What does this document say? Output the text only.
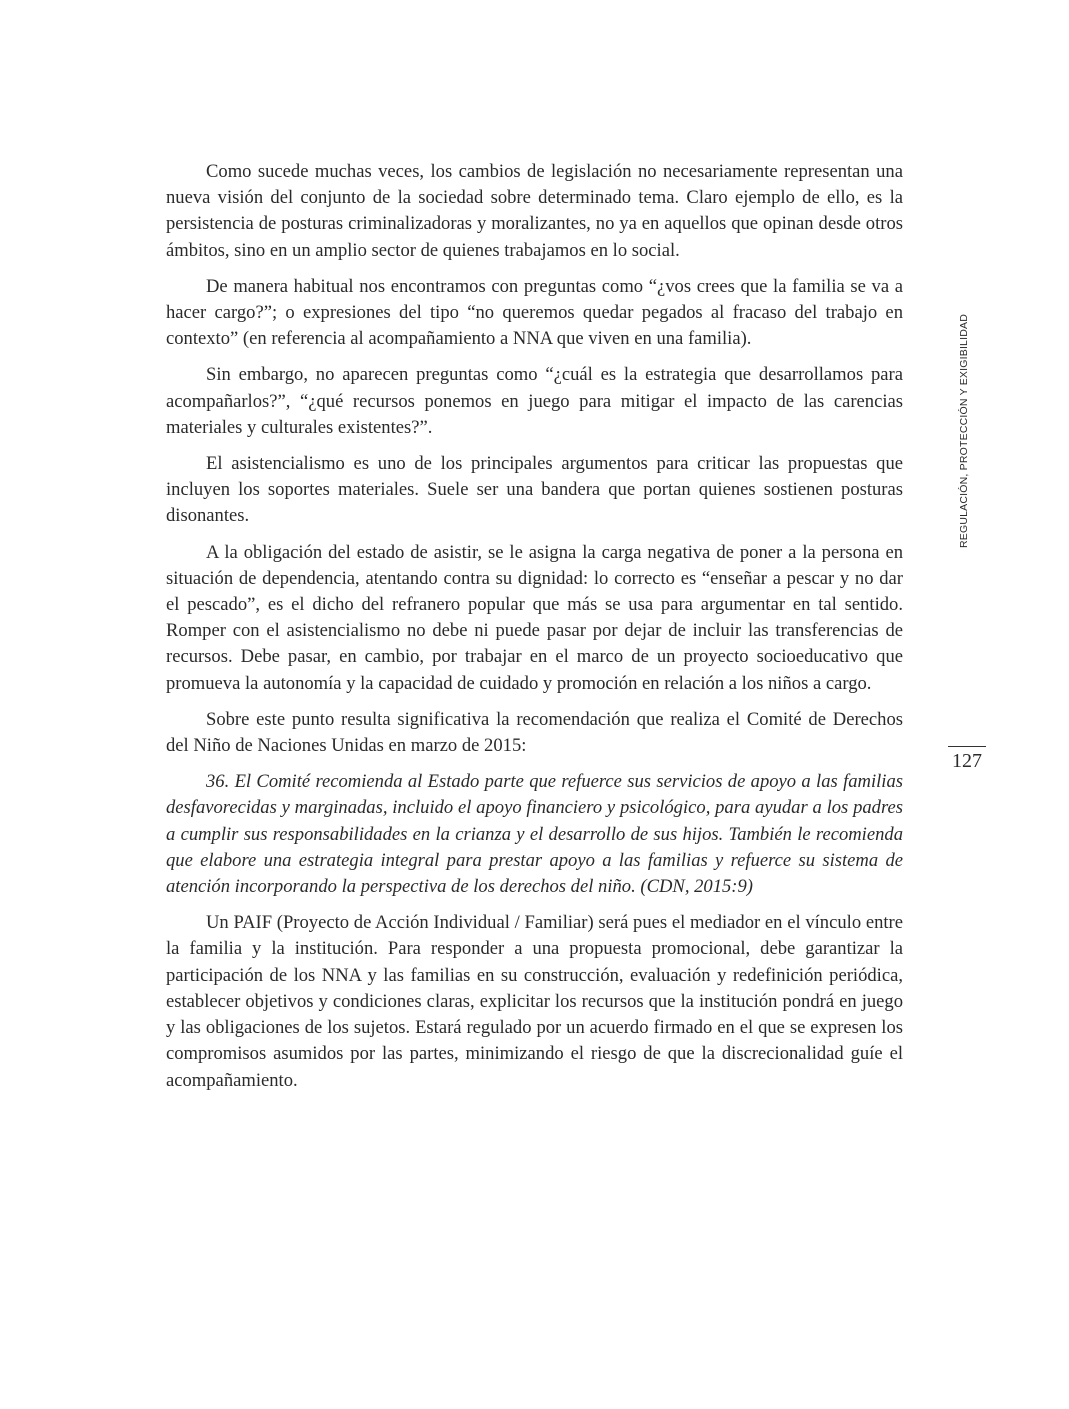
Como sucede muchas veces, los cambios de legislación no necesariamente representan una nueva visión del conjunto de la sociedad sobre determinado tema. Claro ejemplo de ello, es la persistencia de posturas criminalizadoras y moralizantes, no ya en aquellos que opinan desde otros ámbitos, sino en un amplio sector de quienes trabajamos en lo social.

De manera habitual nos encontramos con preguntas como “¿vos crees que la familia se va a hacer cargo?”; o expresiones del tipo “no queremos quedar pegados al fracaso del trabajo en contexto” (en referencia al acompañamiento a NNA que viven en una familia).

Sin embargo, no aparecen preguntas como “¿cuál es la estrategia que desarrollamos para acompañarlos?”, “¿qué recursos ponemos en juego para mitigar el impacto de las carencias materiales y culturales existentes?”.

El asistencialismo es uno de los principales argumentos para criticar las propuestas que incluyen los soportes materiales. Suele ser una bandera que portan quienes sostienen posturas disonantes.

A la obligación del estado de asistir, se le asigna la carga negativa de poner a la persona en situación de dependencia, atentando contra su dignidad: lo correcto es “enseñar a pescar y no dar el pescado”, es el dicho del refranero popular que más se usa para argumentar en tal sentido. Romper con el asistencialismo no debe ni puede pasar por dejar de incluir las transferencias de recursos. Debe pasar, en cambio, por trabajar en el marco de un proyecto socioeducativo que promueva la autonomía y la capacidad de cuidado y promoción en relación a los niños a cargo.

Sobre este punto resulta significativa la recomendación que realiza el Comité de Derechos del Niño de Naciones Unidas en marzo de 2015:

36. El Comité recomienda al Estado parte que refuerce sus servicios de apoyo a las familias desfavorecidas y marginadas, incluido el apoyo financiero y psicológico, para ayudar a los padres a cumplir sus responsabilidades en la crianza y el desarrollo de sus hijos. También le recomienda que elabore una estrategia integral para prestar apoyo a las familias y refuerce su sistema de atención incorporando la perspectiva de los derechos del niño. (CDN, 2015:9)

Un PAIF (Proyecto de Acción Individual / Familiar) será pues el mediador en el vínculo entre la familia y la institución. Para responder a una propuesta promocional, debe garantizar la participación de los NNA y las familias en su construcción, evaluación y redefinición periódica, establecer objetivos y condiciones claras, explicitar los recursos que la institución pondrá en juego y las obligaciones de los sujetos. Estará regulado por un acuerdo firmado en el que se expresen los compromisos asumidos por las partes, minimizando el riesgo de que la discrecionalidad guíe el acompañamiento.

REGULACIÓN, PROTECCIÓN Y EXIGIBILIDAD
127
